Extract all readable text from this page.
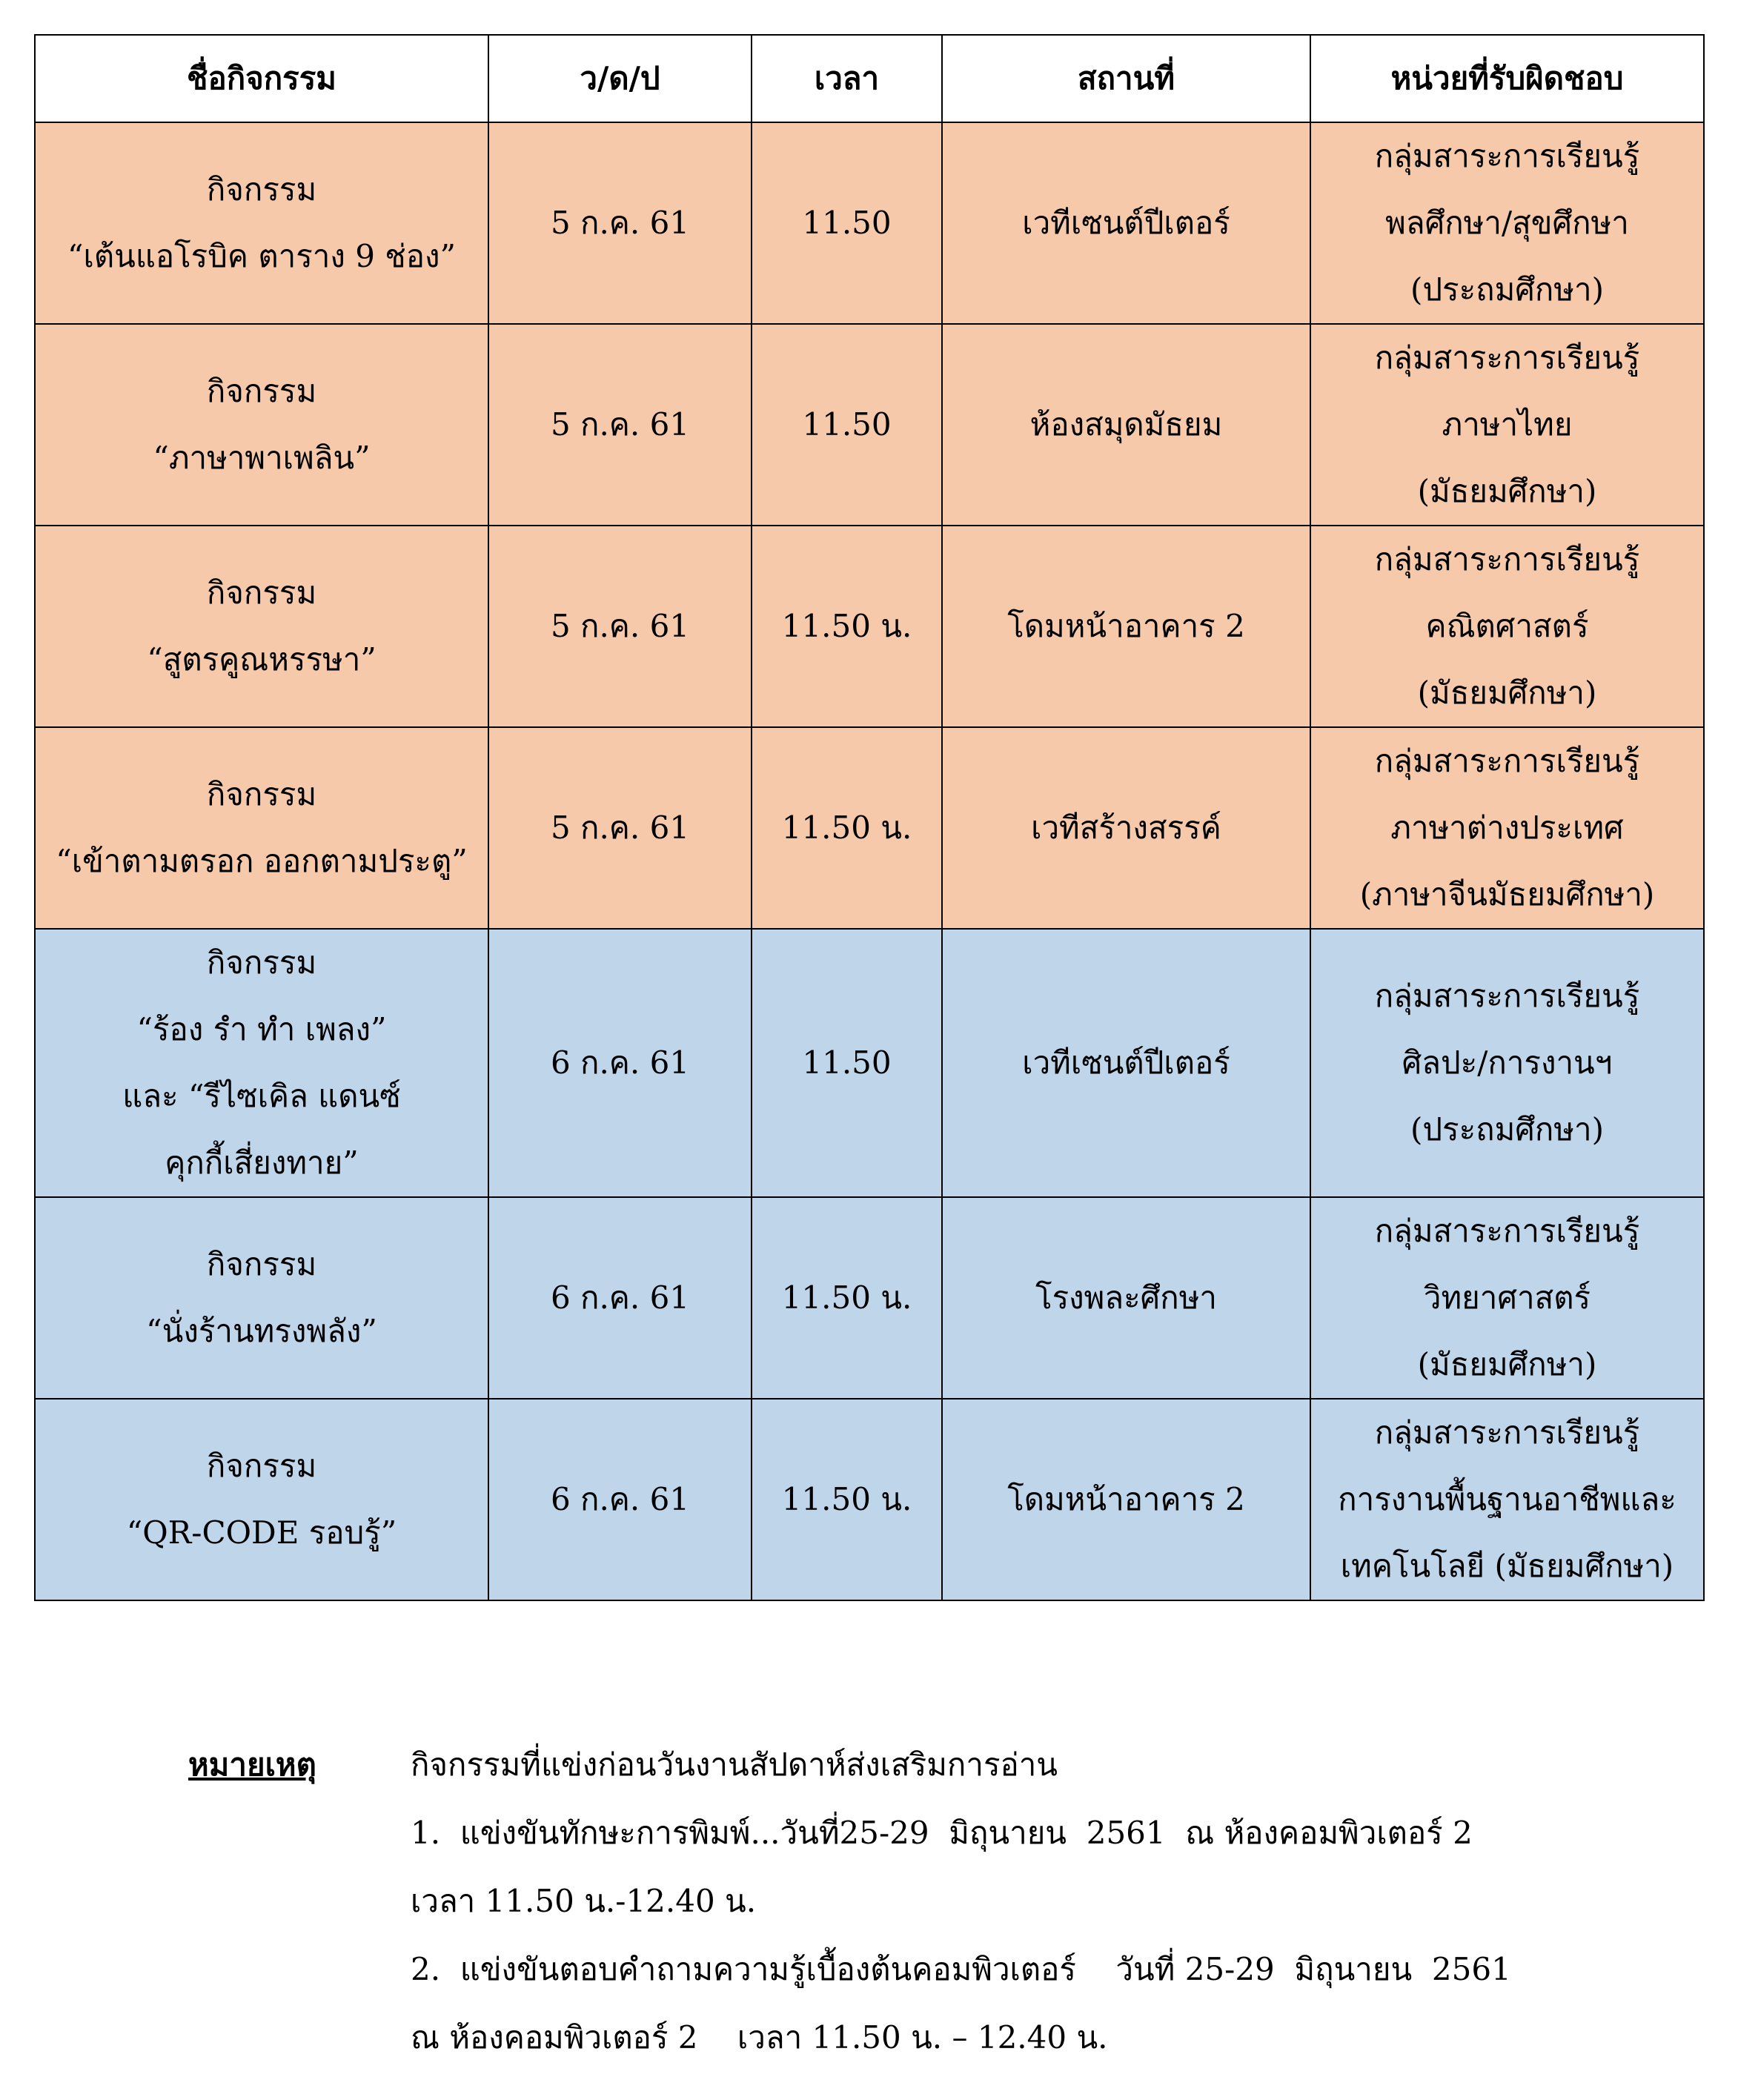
ชื่อกิจกรรม	ว/ด/ป	เวลา	สถานที่	หน่วยที่รับผิดชอบ

กิจกรรม
“เต้นแอโรบิค ตาราง 9 ช่อง”	5 ก.ค. 61	11.50	เวทีเซนต์ปีเตอร์	กลุ่มสาระการเรียนรู้
พลศึกษา/สุขศึกษา
(ประถมศึกษา)

กิจกรรม
“ภาษาพาเพลิน”	5 ก.ค. 61	11.50	ห้องสมุดมัธยม	กลุ่มสาระการเรียนรู้
ภาษาไทย
(มัธยมศึกษา)

กิจกรรม
“สูตรคูณหรรษา”	5 ก.ค. 61	11.50 น.	โดมหน้าอาคาร 2	กลุ่มสาระการเรียนรู้
คณิตศาสตร์
(มัธยมศึกษา)

กิจกรรม
“เข้าตามตรอก ออกตามประตู”	5 ก.ค. 61	11.50 น.	เวทีสร้างสรรค์	กลุ่มสาระการเรียนรู้
ภาษาต่างประเทศ
(ภาษาจีนมัธยมศึกษา)

กิจกรรม
“ร้อง รำ ทำ เพลง”
และ “รีไซเคิล แดนซ์
คุกกี้เสี่ยงทาย”	6 ก.ค. 61	11.50	เวทีเซนต์ปีเตอร์	กลุ่มสาระการเรียนรู้
ศิลปะ/การงานฯ
(ประถมศึกษา)

กิจกรรม
“นั่งร้านทรงพลัง”	6 ก.ค. 61	11.50 น.	โรงพละศึกษา	กลุ่มสาระการเรียนรู้
วิทยาศาสตร์
(มัธยมศึกษา)

กิจกรรม
“QR-CODE รอบรู้”	6 ก.ค. 61	11.50 น.	โดมหน้าอาคาร 2	กลุ่มสาระการเรียนรู้
การงานพื้นฐานอาชีพและ
เทคโนโลยี (มัธยมศึกษา)
หมายเหตุ	กิจกรรมที่แข่งก่อนวันงานสัปดาห์ส่งเสริมการอ่าน
1.  แข่งขันทักษะการพิมพ์...วันที่25-29  มิถุนายน  2561  ณ ห้องคอมพิวเตอร์ 2
เวลา 11.50 น.-12.40 น.
2.  แข่งขันตอบคำถามความรู้เบื้องต้นคอมพิวเตอร์    วันที่ 25-29  มิถุนายน  2561
ณ ห้องคอมพิวเตอร์ 2    เวลา 11.50 น. – 12.40 น.
